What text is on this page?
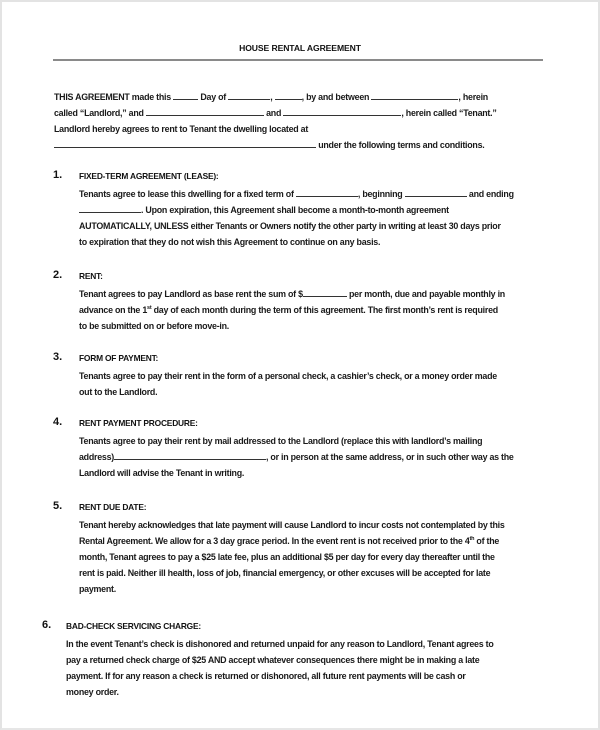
HOUSE RENTAL AGREEMENT
THIS AGREEMENT made this	Day of	,	, by and between	, herein
called “Landlord,” and	and	, herein called “Tenant.”
Landlord hereby agrees to rent to Tenant the dwelling located at
under the following terms and conditions.
1. FIXED-TERM AGREEMENT (LEASE):
Tenants agree to lease this dwelling for a fixed term of	, beginning	and ending
. Upon expiration, this Agreement shall become a month-to-month agreement
AUTOMATICALLY, UNLESS either Tenants or Owners notify the other party in writing at least 30 days prior
to expiration that they do not wish this Agreement to continue on any basis.
2. RENT:
Tenant agrees to pay Landlord as base rent the sum of $	per month, due and payable monthly in
advance on the 1st day of each month during the term of this agreement. The first month’s rent is required
to be submitted on or before move-in.
3. FORM OF PAYMENT:
Tenants agree to pay their rent in the form of a personal check, a cashier’s check, or a money order made
out to the Landlord.
4. RENT PAYMENT PROCEDURE:
Tenants agree to pay their rent by mail addressed to the Landlord (replace this with landlord’s mailing
address)	, or in person at the same address, or in such other way as the
Landlord will advise the Tenant in writing.
5. RENT DUE DATE:
Tenant hereby acknowledges that late payment will cause Landlord to incur costs not contemplated by this
Rental Agreement. We allow for a 3 day grace period. In the event rent is not received prior to the 4th of the
month, Tenant agrees to pay a $25 late fee, plus an additional $5 per day for every day thereafter until the
rent is paid. Neither ill health, loss of job, financial emergency, or other excuses will be accepted for late
payment.
6. BAD-CHECK SERVICING CHARGE:
In the event Tenant’s check is dishonored and returned unpaid for any reason to Landlord, Tenant agrees to
pay a returned check charge of $25 AND accept whatever consequences there might be in making a late
payment. If for any reason a check is returned or dishonored, all future rent payments will be cash or
money order.
